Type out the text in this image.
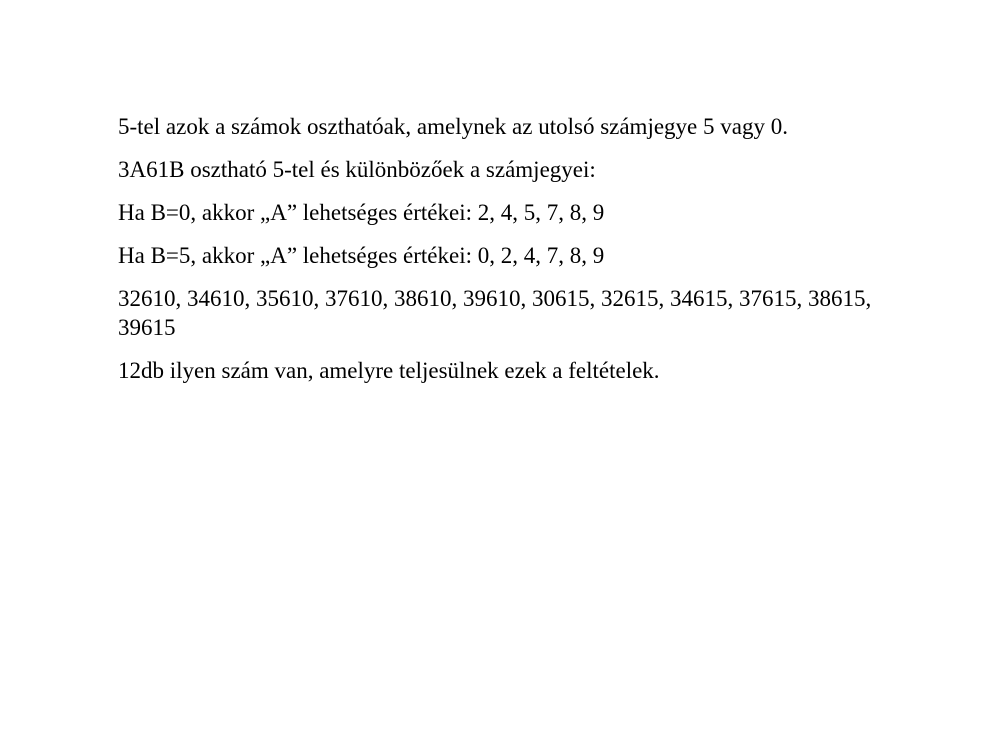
5-tel azok a számok oszthatóak, amelynek az utolsó számjegye 5 vagy 0.

3A61B osztható 5-tel és különbözőek a számjegyei:

Ha B=0, akkor „A” lehetséges értékei: 2, 4, 5, 7, 8, 9

Ha B=5, akkor „A” lehetséges értékei: 0, 2, 4, 7, 8, 9

32610, 34610, 35610, 37610, 38610, 39610, 30615, 32615, 34615, 37615, 38615, 39615

12db ilyen szám van, amelyre teljesülnek ezek a feltételek.
